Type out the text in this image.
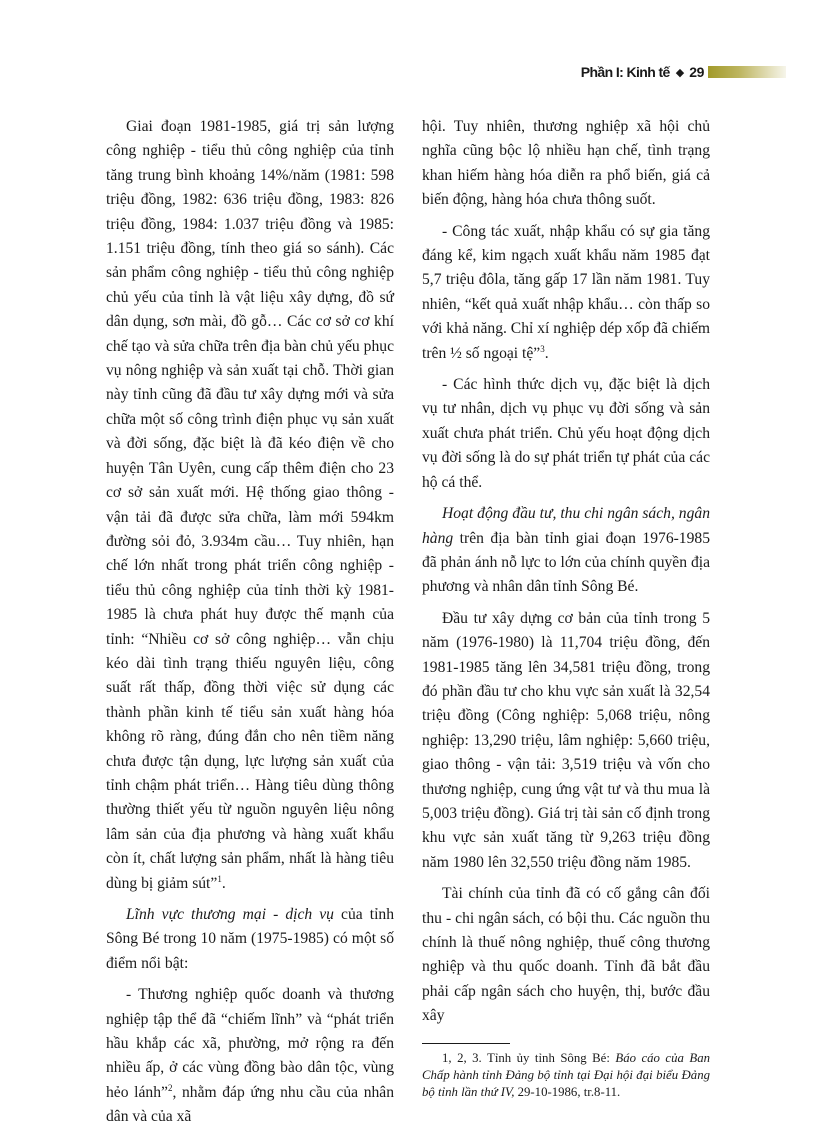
Phần I: Kinh tế ◆ 29

Giai đoạn 1981-1985, giá trị sản lượng công nghiệp - tiểu thủ công nghiệp của tỉnh tăng trung bình khoảng 14%/năm (1981: 598 triệu đồng, 1982: 636 triệu đồng, 1983: 826 triệu đồng, 1984: 1.037 triệu đồng và 1985: 1.151 triệu đồng, tính theo giá so sánh). Các sản phẩm công nghiệp - tiểu thủ công nghiệp chủ yếu của tỉnh là vật liệu xây dựng, đồ sứ dân dụng, sơn mài, đồ gỗ… Các cơ sở cơ khí chế tạo và sửa chữa trên địa bàn chủ yếu phục vụ nông nghiệp và sản xuất tại chỗ. Thời gian này tỉnh cũng đã đầu tư xây dựng mới và sửa chữa một số công trình điện phục vụ sản xuất và đời sống, đặc biệt là đã kéo điện về cho huyện Tân Uyên, cung cấp thêm điện cho 23 cơ sở sản xuất mới. Hệ thống giao thông - vận tải đã được sửa chữa, làm mới 594km đường sỏi đỏ, 3.934m cầu… Tuy nhiên, hạn chế lớn nhất trong phát triển công nghiệp - tiểu thủ công nghiệp của tỉnh thời kỳ 1981-1985 là chưa phát huy được thế mạnh của tỉnh: “Nhiều cơ sở công nghiệp… vẫn chịu kéo dài tình trạng thiếu nguyên liệu, công suất rất thấp, đồng thời việc sử dụng các thành phần kinh tế tiểu sản xuất hàng hóa không rõ ràng, đúng đắn cho nên tiềm năng chưa được tận dụng, lực lượng sản xuất của tỉnh chậm phát triển… Hàng tiêu dùng thông thường thiết yếu từ nguồn nguyên liệu nông lâm sản của địa phương và hàng xuất khẩu còn ít, chất lượng sản phẩm, nhất là hàng tiêu dùng bị giảm sút”$^1$.

Lĩnh vực thương mại - dịch vụ của tỉnh Sông Bé trong 10 năm (1975-1985) có một số điểm nổi bật:

- Thương nghiệp quốc doanh và thương nghiệp tập thể đã “chiếm lĩnh” và “phát triển hầu khắp các xã, phường, mở rộng ra đến nhiều ấp, ở các vùng đồng bào dân tộc, vùng hẻo lánh”$^2$, nhằm đáp ứng nhu cầu của nhân dân và của xã

hội. Tuy nhiên, thương nghiệp xã hội chủ nghĩa cũng bộc lộ nhiều hạn chế, tình trạng khan hiếm hàng hóa diễn ra phổ biến, giá cả biến động, hàng hóa chưa thông suốt.

- Công tác xuất, nhập khẩu có sự gia tăng đáng kể, kim ngạch xuất khẩu năm 1985 đạt 5,7 triệu đôla, tăng gấp 17 lần năm 1981. Tuy nhiên, “kết quả xuất nhập khẩu… còn thấp so với khả năng. Chỉ xí nghiệp dép xốp đã chiếm trên ½ số ngoại tệ”$^3$.

- Các hình thức dịch vụ, đặc biệt là dịch vụ tư nhân, dịch vụ phục vụ đời sống và sản xuất chưa phát triển. Chủ yếu hoạt động dịch vụ đời sống là do sự phát triển tự phát của các hộ cá thể.

Hoạt động đầu tư, thu chi ngân sách, ngân hàng trên địa bàn tỉnh giai đoạn 1976-1985 đã phản ánh nỗ lực to lớn của chính quyền địa phương và nhân dân tỉnh Sông Bé.

Đầu tư xây dựng cơ bản của tỉnh trong 5 năm (1976-1980) là 11,704 triệu đồng, đến 1981-1985 tăng lên 34,581 triệu đồng, trong đó phần đầu tư cho khu vực sản xuất là 32,54 triệu đồng (Công nghiệp: 5,068 triệu, nông nghiệp: 13,290 triệu, lâm nghiệp: 5,660 triệu, giao thông - vận tải: 3,519 triệu và vốn cho thương nghiệp, cung ứng vật tư và thu mua là 5,003 triệu đồng). Giá trị tài sản cố định trong khu vực sản xuất tăng từ 9,263 triệu đồng năm 1980 lên 32,550 triệu đồng năm 1985.

Tài chính của tỉnh đã có cố gắng cân đối thu - chi ngân sách, có bội thu. Các nguồn thu chính là thuế nông nghiệp, thuế công thương nghiệp và thu quốc doanh. Tỉnh đã bắt đầu phải cấp ngân sách cho huyện, thị, bước đầu xây

1, 2, 3. Tỉnh ủy tỉnh Sông Bé: Báo cáo của Ban Chấp hành tỉnh Đảng bộ tỉnh tại Đại hội đại biểu Đảng bộ tỉnh lần thứ IV, 29-10-1986, tr.8-11.
